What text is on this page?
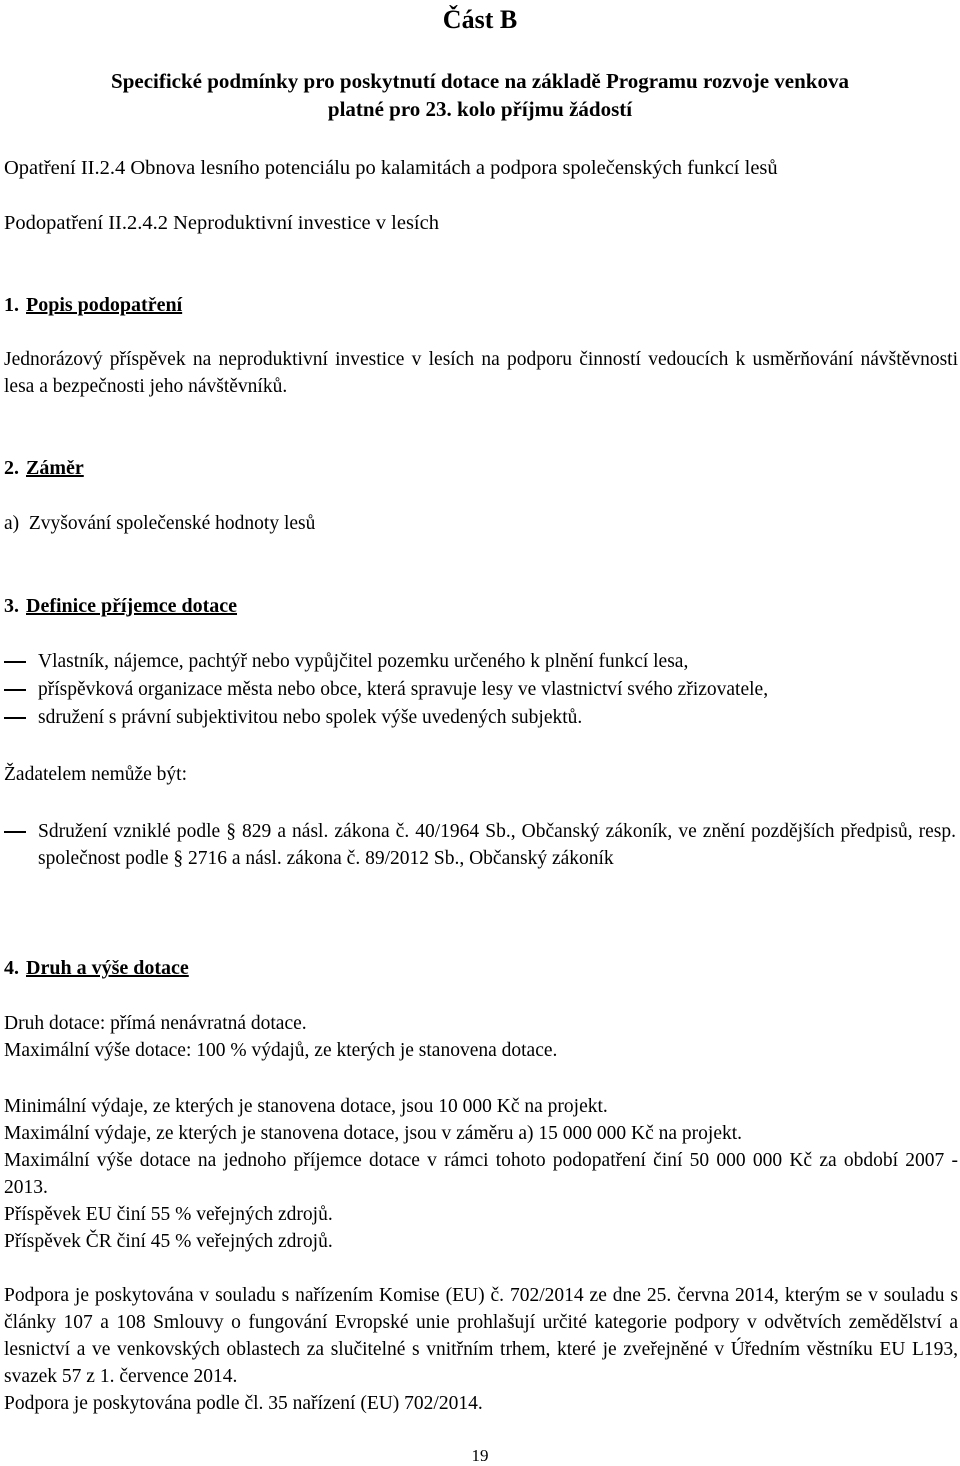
Část B
Specifické podmínky pro poskytnutí dotace na základě Programu rozvoje venkova
platné pro 23. kolo příjmu žádostí
Opatření II.2.4 Obnova lesního potenciálu po kalamitách a podpora společenských funkcí lesů
Podopatření II.2.4.2 Neproduktivní investice v lesích
1. Popis podopatření
Jednorázový příspěvek na neproduktivní investice v lesích na podporu činností vedoucích k usměrňování návštěvnosti lesa a bezpečnosti jeho návštěvníků.
2. Záměr
a)  Zvyšování společenské hodnoty lesů
3. Definice příjemce dotace
Vlastník, nájemce, pachtýř nebo vypůjčitel pozemku určeného k plnění funkcí lesa,
příspěvková organizace města nebo obce, která spravuje lesy ve vlastnictví svého zřizovatele,
sdružení s právní subjektivitou nebo spolek výše uvedených subjektů.
Žadatelem nemůže být:
Sdružení vzniklé podle § 829 a násl. zákona č. 40/1964 Sb., Občanský zákoník, ve znění pozdějších předpisů, resp. společnost podle § 2716 a násl. zákona č. 89/2012 Sb., Občanský zákoník
4. Druh a výše dotace
Druh dotace: přímá nenávratná dotace.
Maximální výše dotace: 100 % výdajů, ze kterých je stanovena dotace.
Minimální výdaje, ze kterých je stanovena dotace, jsou 10 000 Kč na projekt.
Maximální výdaje, ze kterých je stanovena dotace, jsou v záměru a) 15 000 000 Kč na projekt.
Maximální výše dotace na jednoho příjemce dotace v rámci tohoto podopatření činí 50 000 000 Kč za období 2007 - 2013.
Příspěvek EU činí 55 % veřejných zdrojů.
Příspěvek ČR činí 45 % veřejných zdrojů.
Podpora je poskytována v souladu s nařízením Komise (EU) č. 702/2014 ze dne 25. června 2014, kterým se v souladu s články 107 a 108 Smlouvy o fungování Evropské unie prohlašují určité kategorie podpory v odvětvích zemědělství a lesnictví a ve venkovských oblastech za slučitelné s vnitřním trhem, které je zveřejněné v Úředním věstníku EU L193, svazek 57 z 1. července 2014.
Podpora je poskytována podle čl. 35 nařízení (EU) 702/2014.
19
